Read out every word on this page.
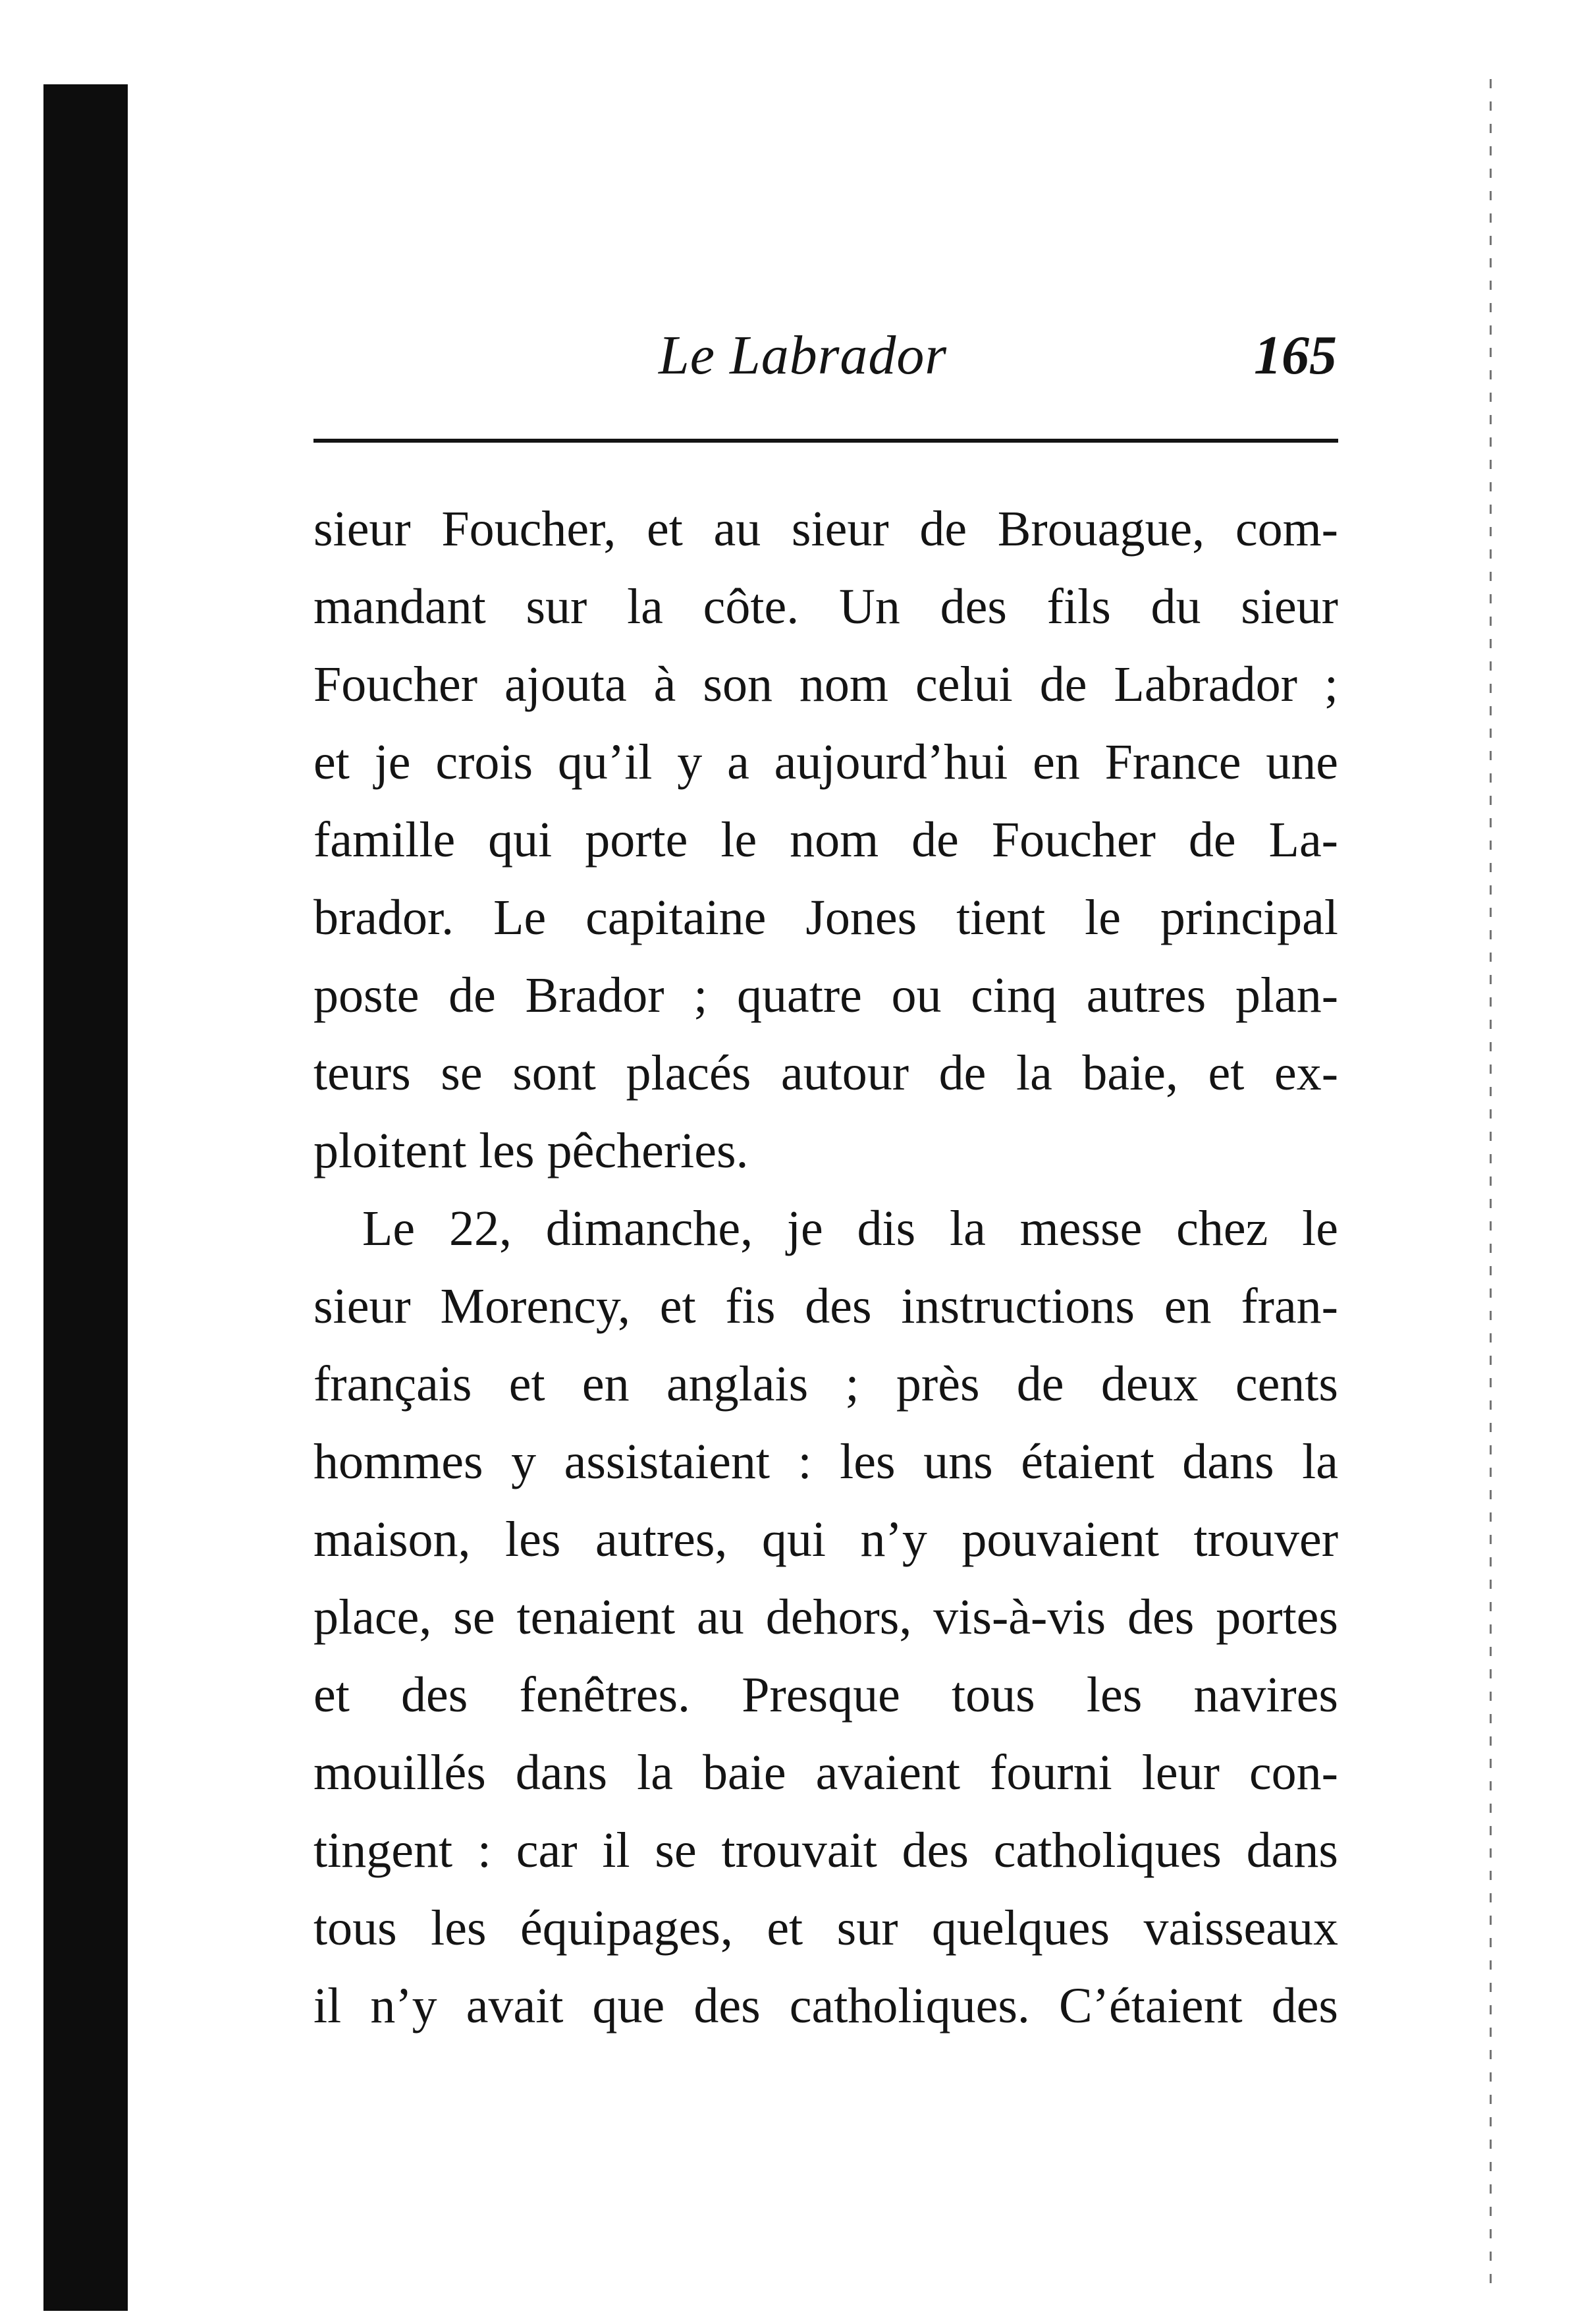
Le Labrador	165
sieur Foucher, et au sieur de Brouague, com-
mandant sur la côte. Un des fils du sieur
Foucher ajouta à son nom celui de Labrador ;
et je crois qu’il y a aujourd’hui en France une
famille qui porte le nom de Foucher de La-
brador. Le capitaine Jones tient le principal
poste de Brador ; quatre ou cinq autres plan-
teurs se sont placés autour de la baie, et ex-
ploitent les pêcheries.
Le 22, dimanche, je dis la messe chez le
sieur Morency, et fis des instructions en fran-
français et en anglais ; près de deux cents
hommes y assistaient : les uns étaient dans la
maison, les autres, qui n’y pouvaient trouver
place, se tenaient au dehors, vis-à-vis des portes
et des fenêtres. Presque tous les navires
mouillés dans la baie avaient fourni leur con-
tingent : car il se trouvait des catholiques dans
tous les équipages, et sur quelques vaisseaux
il n’y avait que des catholiques. C’étaient des
